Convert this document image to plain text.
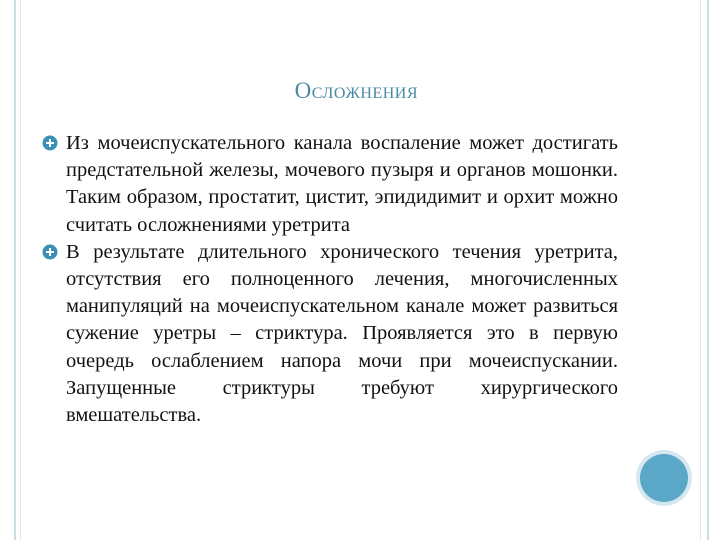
Осложнения
Из мочеиспускательного канала воспаление может достигать предстательной железы, мочевого пузыря и органов мошонки. Таким образом, простатит, цистит, эпидидимит и орхит можно считать осложнениями уретрита
В результате длительного хронического течения уретрита, отсутствия его полноценного лечения, многочисленных манипуляций на мочеиспускательном канале может развиться сужение уретры – стриктура. Проявляется это в первую очередь ослаблением напора мочи при мочеиспускании. Запущенные стриктуры требуют хирургического вмешательства.
